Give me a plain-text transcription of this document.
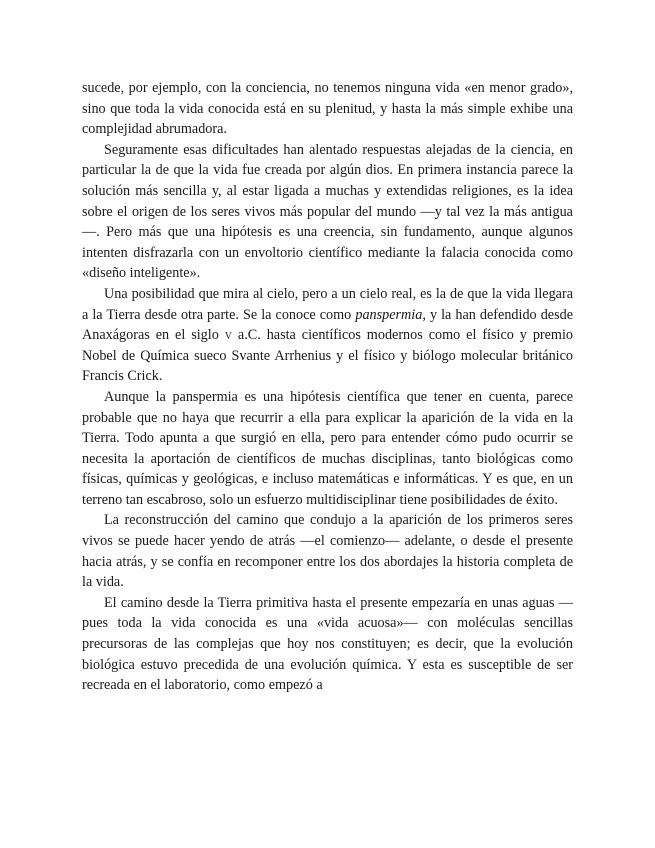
sucede, por ejemplo, con la conciencia, no tenemos ninguna vida «en menor grado», sino que toda la vida conocida está en su plenitud, y hasta la más simple exhibe una complejidad abrumadora.

Seguramente esas dificultades han alentado respuestas alejadas de la ciencia, en particular la de que la vida fue creada por algún dios. En primera instancia parece la solución más sencilla y, al estar ligada a muchas y extendidas religiones, es la idea sobre el origen de los seres vivos más popular del mundo —y tal vez la más antigua—. Pero más que una hipótesis es una creencia, sin fundamento, aunque algunos intenten disfrazarla con un envoltorio científico mediante la falacia conocida como «diseño inteligente».

Una posibilidad que mira al cielo, pero a un cielo real, es la de que la vida llegara a la Tierra desde otra parte. Se la conoce como panspermia, y la han defendido desde Anaxágoras en el siglo v a.C. hasta científicos modernos como el físico y premio Nobel de Química sueco Svante Arrhenius y el físico y biólogo molecular británico Francis Crick.

Aunque la panspermia es una hipótesis científica que tener en cuenta, parece probable que no haya que recurrir a ella para explicar la aparición de la vida en la Tierra. Todo apunta a que surgió en ella, pero para entender cómo pudo ocurrir se necesita la aportación de científicos de muchas disciplinas, tanto biológicas como físicas, químicas y geológicas, e incluso matemáticas e informáticas. Y es que, en un terreno tan escabroso, solo un esfuerzo multidisciplinar tiene posibilidades de éxito.

La reconstrucción del camino que condujo a la aparición de los primeros seres vivos se puede hacer yendo de atrás —el comienzo— adelante, o desde el presente hacia atrás, y se confía en recomponer entre los dos abordajes la historia completa de la vida.

El camino desde la Tierra primitiva hasta el presente empezaría en unas aguas —pues toda la vida conocida es una «vida acuosa»— con moléculas sencillas precursoras de las complejas que hoy nos constituyen; es decir, que la evolución biológica estuvo precedida de una evolución química. Y esta es susceptible de ser recreada en el laboratorio, como empezó a
